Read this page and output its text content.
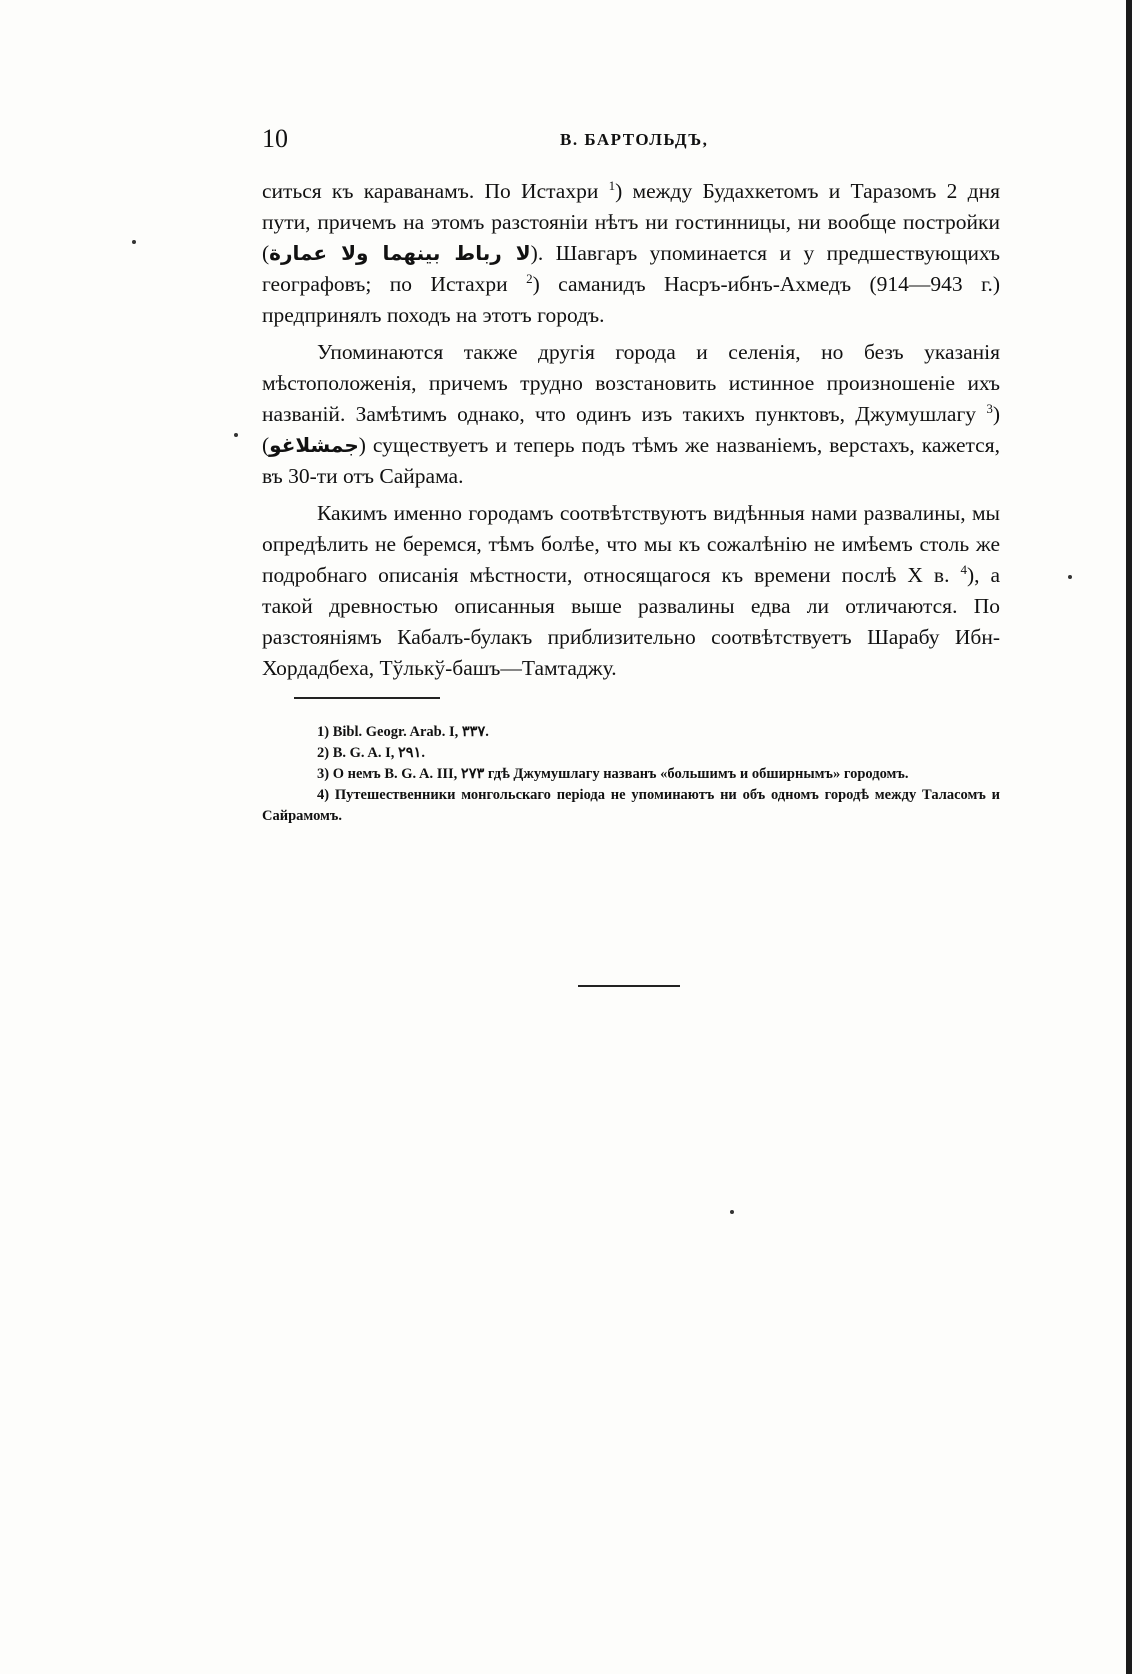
10	В. БАРТОЛЬДЪ,

ситься къ караванамъ. По Истахри $^1$) между Будахкетомъ и Таразомъ 2 дня пути, причемъ на этомъ разстояніи нѣтъ ни гостинницы, ни вообще постройки (لا رباط بينهما ولا عمارة). Шавгаръ упоминается и у предшествующихъ географовъ; по Истахри $^2$) саманидъ Насръ-ибнъ-Ахмедъ (914—943 г.) предпринялъ походъ на этотъ городъ.

Упоминаются также другія города и селенія, но безъ указанія мѣстоположенія, причемъ трудно возстановить истинное произношеніе ихъ названій. Замѣтимъ однако, что одинъ изъ такихъ пунктовъ, Джумушлагу $^3$) (جمشلاغو) существуетъ и теперь подъ тѣмъ же названіемъ, верстахъ, кажется, въ 30-ти отъ Сайрама.

Какимъ именно городамъ соотвѣтствуютъ видѣнныя нами развалины, мы опредѣлить не беремся, тѣмъ болѣе, что мы къ сожалѣнію не имѣемъ столь же подробнаго описанія мѣстности, относящагося къ времени послѣ X в. $^4$), а такой древностью описанныя выше развалины едва ли отличаются. По разстояніямъ Кабалъ-булакъ приблизительно соотвѣтствуетъ Шарабу Ибн-Хордадбеха, Тўлькў-башъ—Тамтаджу.

1) Bibl. Geogr. Arab. I, ٣٣٧.

2) B. G. A. I, ٢٩١.

3) О немъ B. G. A. III, ٢٧٣ гдѣ Джумушлагу названъ «большимъ и обширнымъ» городомъ.

4) Путешественники монгольскаго періода не упоминаютъ ни объ одномъ городѣ между Таласомъ и Сайрамомъ.
